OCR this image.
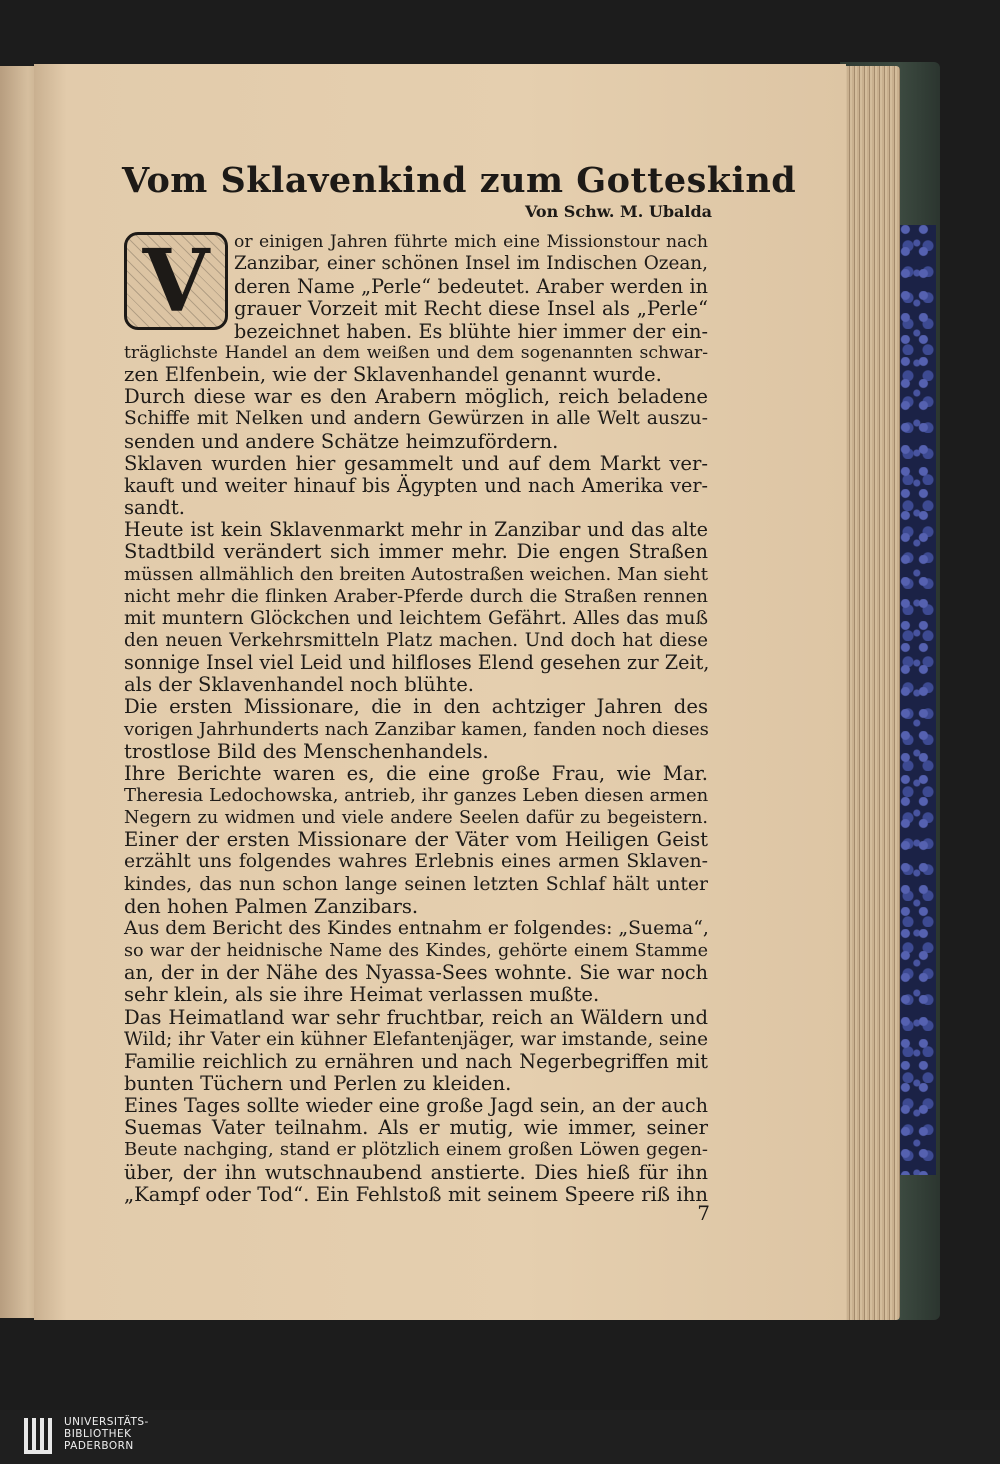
Vom Sklavenkind zum Gotteskind
Von Schw. M. Ubalda
V	or einigen Jahren führte mich eine Missionstour nach
Zanzibar, einer schönen Insel im Indischen Ozean,
deren Name „Perle“ bedeutet. Araber werden in
grauer Vorzeit mit Recht diese Insel als „Perle“
bezeichnet haben. Es blühte hier immer der ein-
träglichste Handel an dem weißen und dem sogenannten schwar-
zen Elfenbein, wie der Sklavenhandel genannt wurde.
Durch diese war es den Arabern möglich, reich beladene
Schiffe mit Nelken und andern Gewürzen in alle Welt auszu-
senden und andere Schätze heimzufördern.
Sklaven wurden hier gesammelt und auf dem Markt ver-
kauft und weiter hinauf bis Ägypten und nach Amerika ver-
sandt.
Heute ist kein Sklavenmarkt mehr in Zanzibar und das alte
Stadtbild verändert sich immer mehr. Die engen Straßen
müssen allmählich den breiten Autostraßen weichen. Man sieht
nicht mehr die flinken Araber-Pferde durch die Straßen rennen
mit muntern Glöckchen und leichtem Gefährt. Alles das muß
den neuen Verkehrsmitteln Platz machen. Und doch hat diese
sonnige Insel viel Leid und hilfloses Elend gesehen zur Zeit,
als der Sklavenhandel noch blühte.
Die ersten Missionare, die in den achtziger Jahren des
vorigen Jahrhunderts nach Zanzibar kamen, fanden noch dieses
trostlose Bild des Menschenhandels.
Ihre Berichte waren es, die eine große Frau, wie Mar.
Theresia Ledochowska, antrieb, ihr ganzes Leben diesen armen
Negern zu widmen und viele andere Seelen dafür zu begeistern.
Einer der ersten Missionare der Väter vom Heiligen Geist
erzählt uns folgendes wahres Erlebnis eines armen Sklaven-
kindes, das nun schon lange seinen letzten Schlaf hält unter
den hohen Palmen Zanzibars.
Aus dem Bericht des Kindes entnahm er folgendes: „Suema“,
so war der heidnische Name des Kindes, gehörte einem Stamme
an, der in der Nähe des Nyassa-Sees wohnte. Sie war noch
sehr klein, als sie ihre Heimat verlassen mußte.
Das Heimatland war sehr fruchtbar, reich an Wäldern und
Wild; ihr Vater ein kühner Elefantenjäger, war imstande, seine
Familie reichlich zu ernähren und nach Negerbegriffen mit
bunten Tüchern und Perlen zu kleiden.
Eines Tages sollte wieder eine große Jagd sein, an der auch
Suemas Vater teilnahm. Als er mutig, wie immer, seiner
Beute nachging, stand er plötzlich einem großen Löwen gegen-
über, der ihn wutschnaubend anstierte. Dies hieß für ihn
„Kampf oder Tod“. Ein Fehlstoß mit seinem Speere riß ihn
7
UNIVERSITÄTS-
BIBLIOTHEK
PADERBORN
